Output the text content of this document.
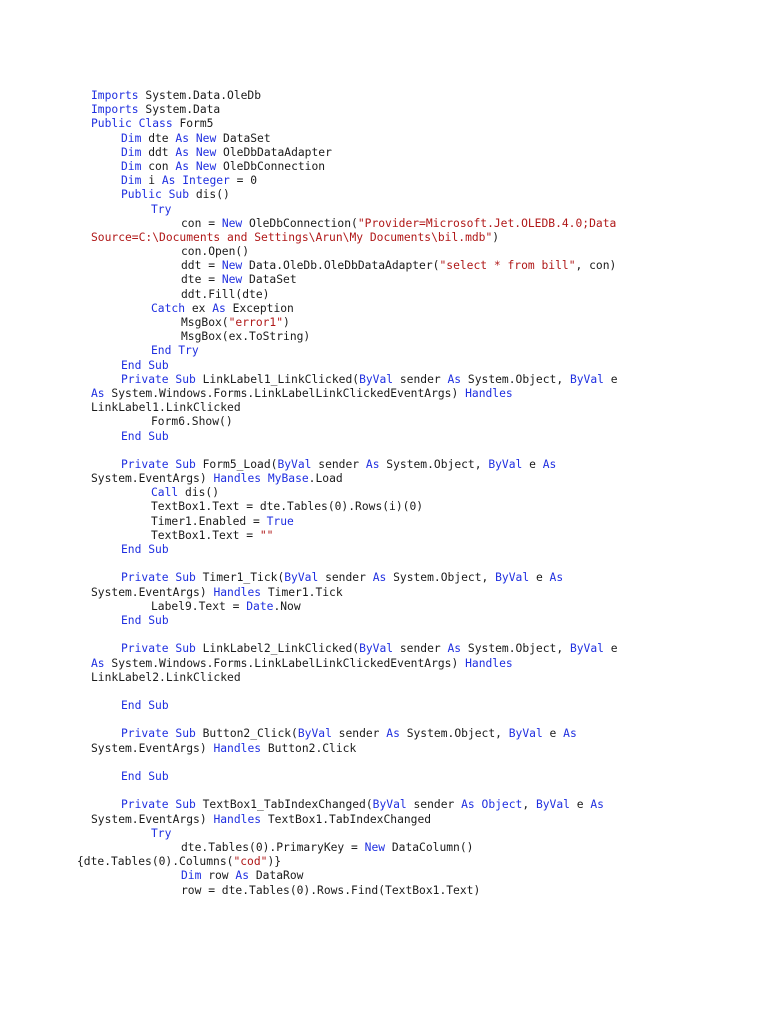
Imports System.Data.OleDb
Imports System.Data
Public Class Form5
Dim dte As New DataSet
Dim ddt As New OleDbDataAdapter
Dim con As New OleDbConnection
Dim i As Integer = 0
Public Sub dis()
Try
con = New OleDbConnection("Provider=Microsoft.Jet.OLEDB.4.0;Data
Source=C:\Documents and Settings\Arun\My Documents\bil.mdb")
con.Open()
ddt = New Data.OleDb.OleDbDataAdapter("select * from bill", con)
dte = New DataSet
ddt.Fill(dte)
Catch ex As Exception
MsgBox("error1")
MsgBox(ex.ToString)
End Try
End Sub
Private Sub LinkLabel1_LinkClicked(ByVal sender As System.Object, ByVal e
As System.Windows.Forms.LinkLabelLinkClickedEventArgs) Handles
LinkLabel1.LinkClicked
Form6.Show()
End Sub
Private Sub Form5_Load(ByVal sender As System.Object, ByVal e As
System.EventArgs) Handles MyBase.Load
Call dis()
TextBox1.Text = dte.Tables(0).Rows(i)(0)
Timer1.Enabled = True
TextBox1.Text = ""
End Sub
Private Sub Timer1_Tick(ByVal sender As System.Object, ByVal e As
System.EventArgs) Handles Timer1.Tick
Label9.Text = Date.Now
End Sub
Private Sub LinkLabel2_LinkClicked(ByVal sender As System.Object, ByVal e
As System.Windows.Forms.LinkLabelLinkClickedEventArgs) Handles
LinkLabel2.LinkClicked
End Sub
Private Sub Button2_Click(ByVal sender As System.Object, ByVal e As
System.EventArgs) Handles Button2.Click
End Sub
Private Sub TextBox1_TabIndexChanged(ByVal sender As Object, ByVal e As
System.EventArgs) Handles TextBox1.TabIndexChanged
Try
dte.Tables(0).PrimaryKey = New DataColumn()
{dte.Tables(0).Columns("cod")}
Dim row As DataRow
row = dte.Tables(0).Rows.Find(TextBox1.Text)
